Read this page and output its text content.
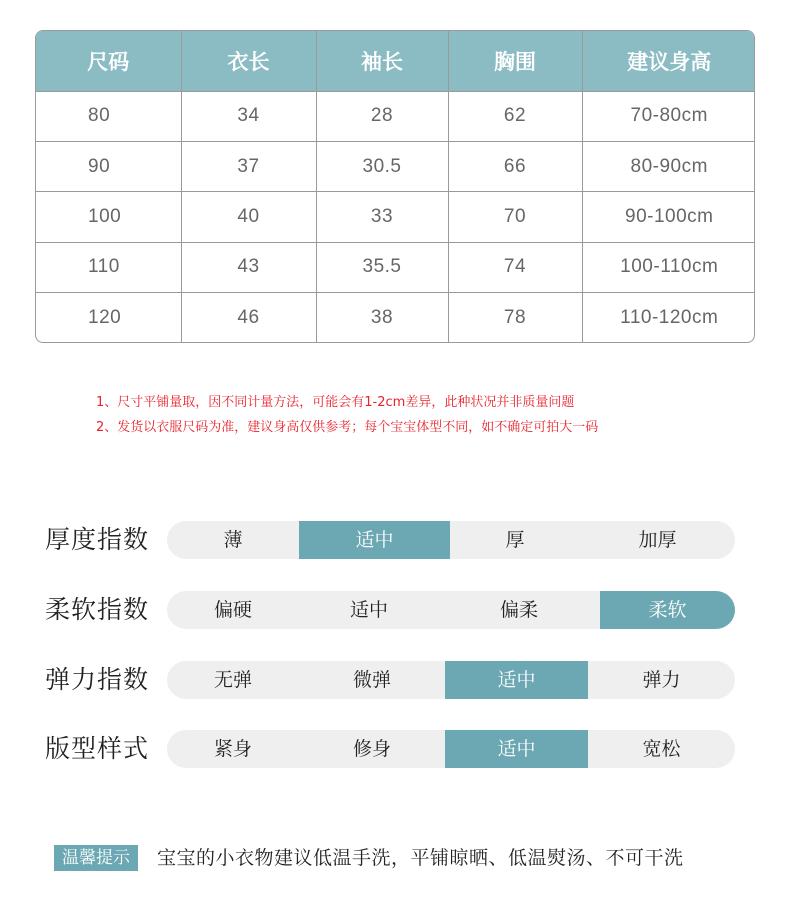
尺码	衣长	袖长	胸围	建议身高
80	34	28	62	70-80cm
90	37	30.5	66	80-90cm
100	40	33	70	90-100cm
110	43	35.5	74	100-110cm
120	46	38	78	110-120cm
1、尺寸平铺量取，因不同计量方法，可能会有1-2cm差异，此种状况并非质量问题
2、发货以衣服尺码为准，建议身高仅供参考；每个宝宝体型不同，如不确定可拍大一码
厚度指数	薄	适中	厚	加厚
柔软指数	偏硬	适中	偏柔	柔软
弹力指数	无弹	微弹	适中	弹力
版型样式	紧身	修身	适中	宽松
温馨提示	宝宝的小衣物建议低温手洗，平铺晾晒、低温熨汤、不可干洗
